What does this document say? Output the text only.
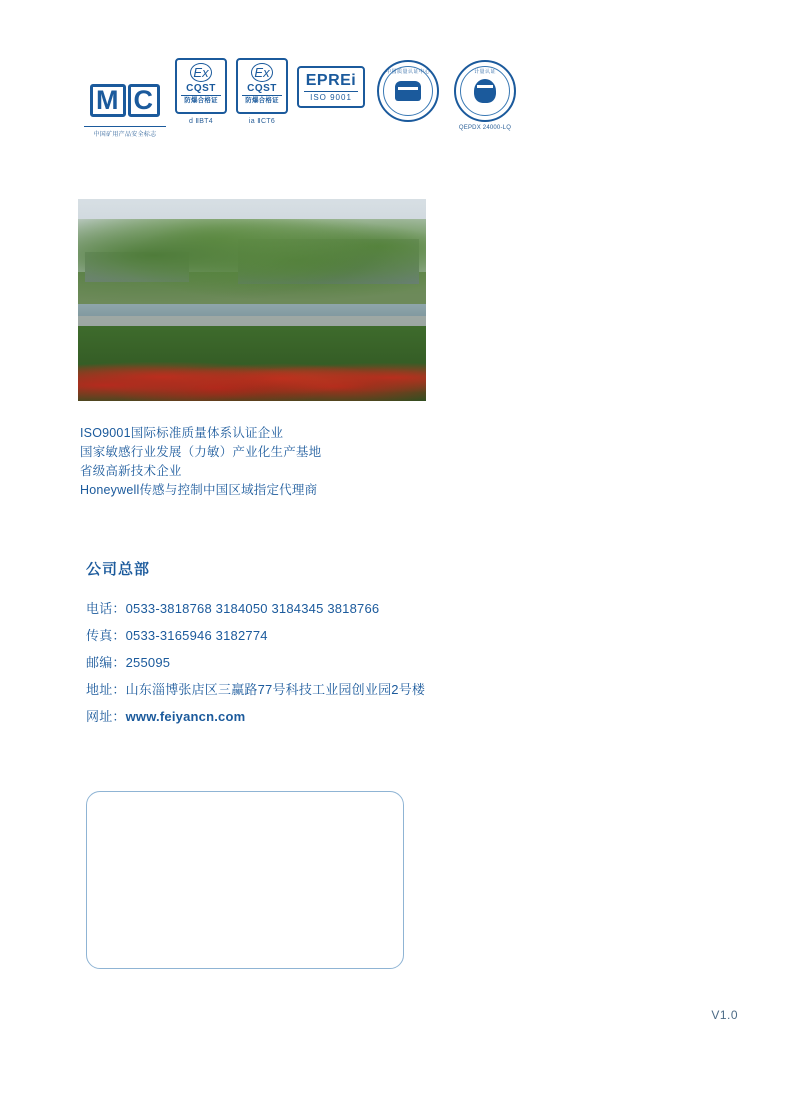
M C
中国矿用产品安全标志
Ex
CQST
防爆合格证
d ⅡBT4
Ex
CQST
防爆合格证
ia ⅡCT6
EPREi
ISO 9001
中国质量认证中心	计量认证
QEPDX 24000-LQ
ISO9001国际标准质量体系认证企业
国家敏感行业发展（力敏）产业化生产基地
省级高新技术企业
Honeywell传感与控制中国区域指定代理商
公司总部
电话：0533-3818768 3184050 3184345 3818766
传真：0533-3165946 3182774
邮编：255095
地址：山东淄博张店区三赢路77号科技工业园创业园2号楼
网址：www.feiyancn.com
V1.0
